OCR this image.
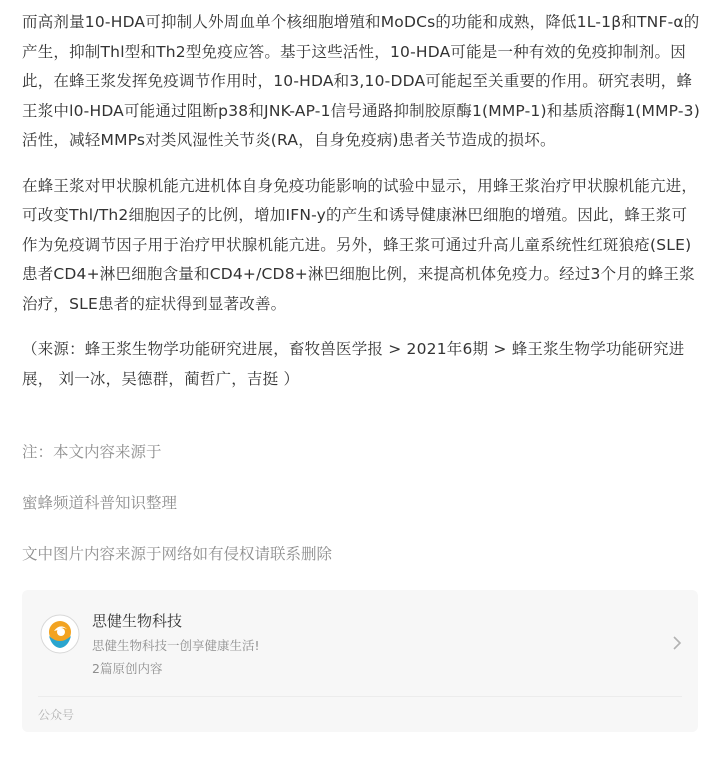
而高剂量10-HDA可抑制人外周血单个核细胞增殖和MoDCs的功能和成熟，降低1L-1β和TNF-α的产生，抑制Thl型和Th2型免疫应答。基于这些活性，10-HDA可能是一种有效的免疫抑制剂。因此，在蜂王浆发挥免疫调节作用时，10-HDA和3,10-DDA可能起至关重要的作用。研究表明，蜂王浆中l0-HDA可能通过阻断p38和JNK-AP-1信号通路抑制胶原酶1(MMP-1)和基质溶酶1(MMP-3)活性，减轻MMPs对类风湿性关节炎(RA，自身免疫病)患者关节造成的损坏。

在蜂王浆对甲状腺机能亢进机体自身免疫功能影响的试验中显示，用蜂王浆治疗甲状腺机能亢进，可改变Thl/Th2细胞因子的比例，增加IFN-y的产生和诱导健康淋巴细胞的增殖。因此，蜂王浆可作为免疫调节因子用于治疗甲状腺机能亢进。另外，蜂王浆可通过升高儿童系统性红斑狼疮(SLE)患者CD4+淋巴细胞含量和CD4+/CD8+淋巴细胞比例，来提高机体免疫力。经过3个月的蜂王浆治疗，SLE患者的症状得到显著改善。

（来源：蜂王浆生物学功能研究进展，畜牧兽医学报 > 2021年6期 > 蜂王浆生物学功能研究进展， 刘一冰，吴德群，蔺哲广，吉挺 ）

注：本文内容来源于

蜜蜂频道科普知识整理

文中图片内容来源于网络如有侵权请联系删除

思健生物科技
思健生物科技一创享健康生活!
2篇原创内容
公众号
